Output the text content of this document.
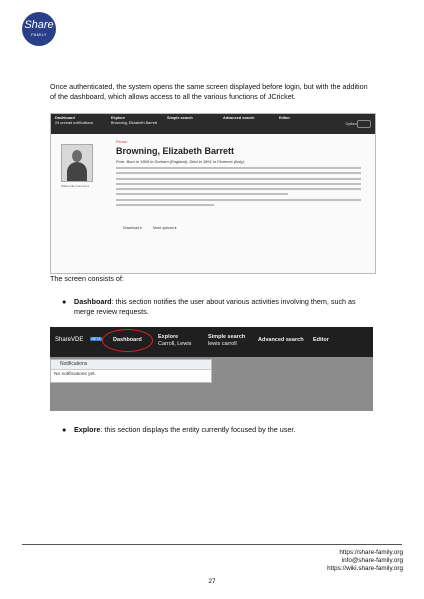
Share
FAMILY
Once authenticated, the system opens the same screen displayed before login, but with the addition of the dashboard, which allows access to all the various functions of JCricket.
Dashboard
24 unread notifications
Explore
Browning, Elizabeth Barrett
Simple search	Advanced search	Editor
Options
Wikimedia Commons
Person
Browning, Elizabeth Barrett
Poet. Born in 1806 in Durham (England). Died in 1861 in Florence (Italy).
Download ▾	More options ▾
The screen consists of:
● Dashboard: this section notifies the user about various activities involving them, such as merge review requests.
ShareVDE	BETA Dashboard	Explore
Carroll, Lewis
Simple search
lewis carroll
Advanced search Editor
Notifications
No notifications yet.
● Explore: this section displays the entity currently focused by the user.
https://share-family.org
info@share-family.org
https://wiki.share-family.org
27
